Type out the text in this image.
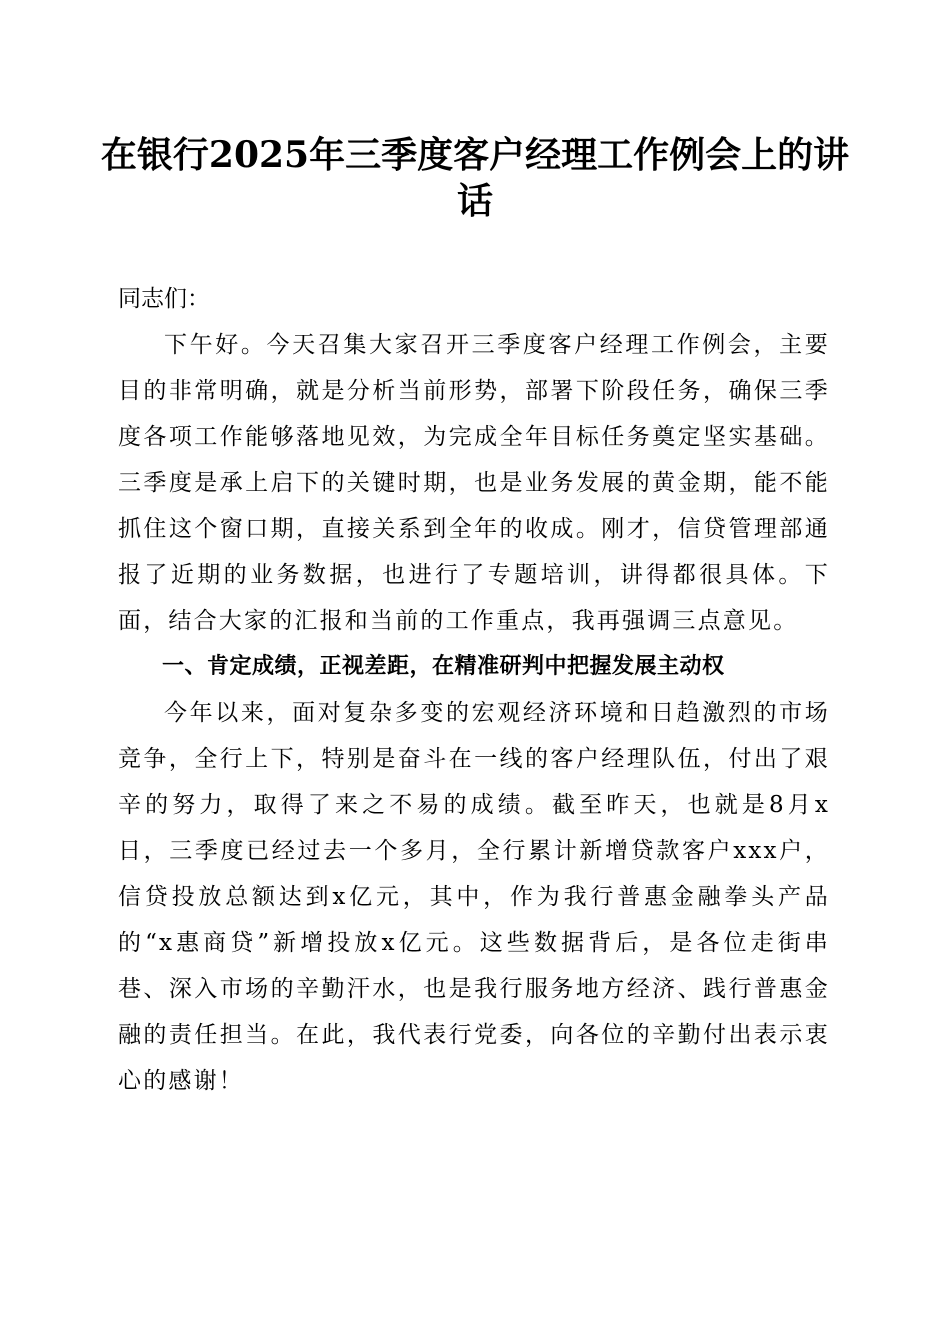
在银行2025年三季度客户经理工作例会上的讲话

同志们：

下午好。今天召集大家召开三季度客户经理工作例会，主要目的非常明确，就是分析当前形势，部署下阶段任务，确保三季度各项工作能够落地见效，为完成全年目标任务奠定坚实基础。三季度是承上启下的关键时期，也是业务发展的黄金期，能不能抓住这个窗口期，直接关系到全年的收成。刚才，信贷管理部通报了近期的业务数据，也进行了专题培训，讲得都很具体。下面，结合大家的汇报和当前的工作重点，我再强调三点意见。

一、肯定成绩，正视差距，在精准研判中把握发展主动权

今年以来，面对复杂多变的宏观经济环境和日趋激烈的市场竞争，全行上下，特别是奋斗在一线的客户经理队伍，付出了艰辛的努力，取得了来之不易的成绩。截至昨天，也就是8月x日，三季度已经过去一个多月，全行累计新增贷款客户xxx户，信贷投放总额达到x亿元，其中，作为我行普惠金融拳头产品的“x惠商贷”新增投放x亿元。这些数据背后，是各位走街串巷、深入市场的辛勤汗水，也是我行服务地方经济、践行普惠金融的责任担当。在此，我代表行党委，向各位的辛勤付出表示衷心的感谢！
